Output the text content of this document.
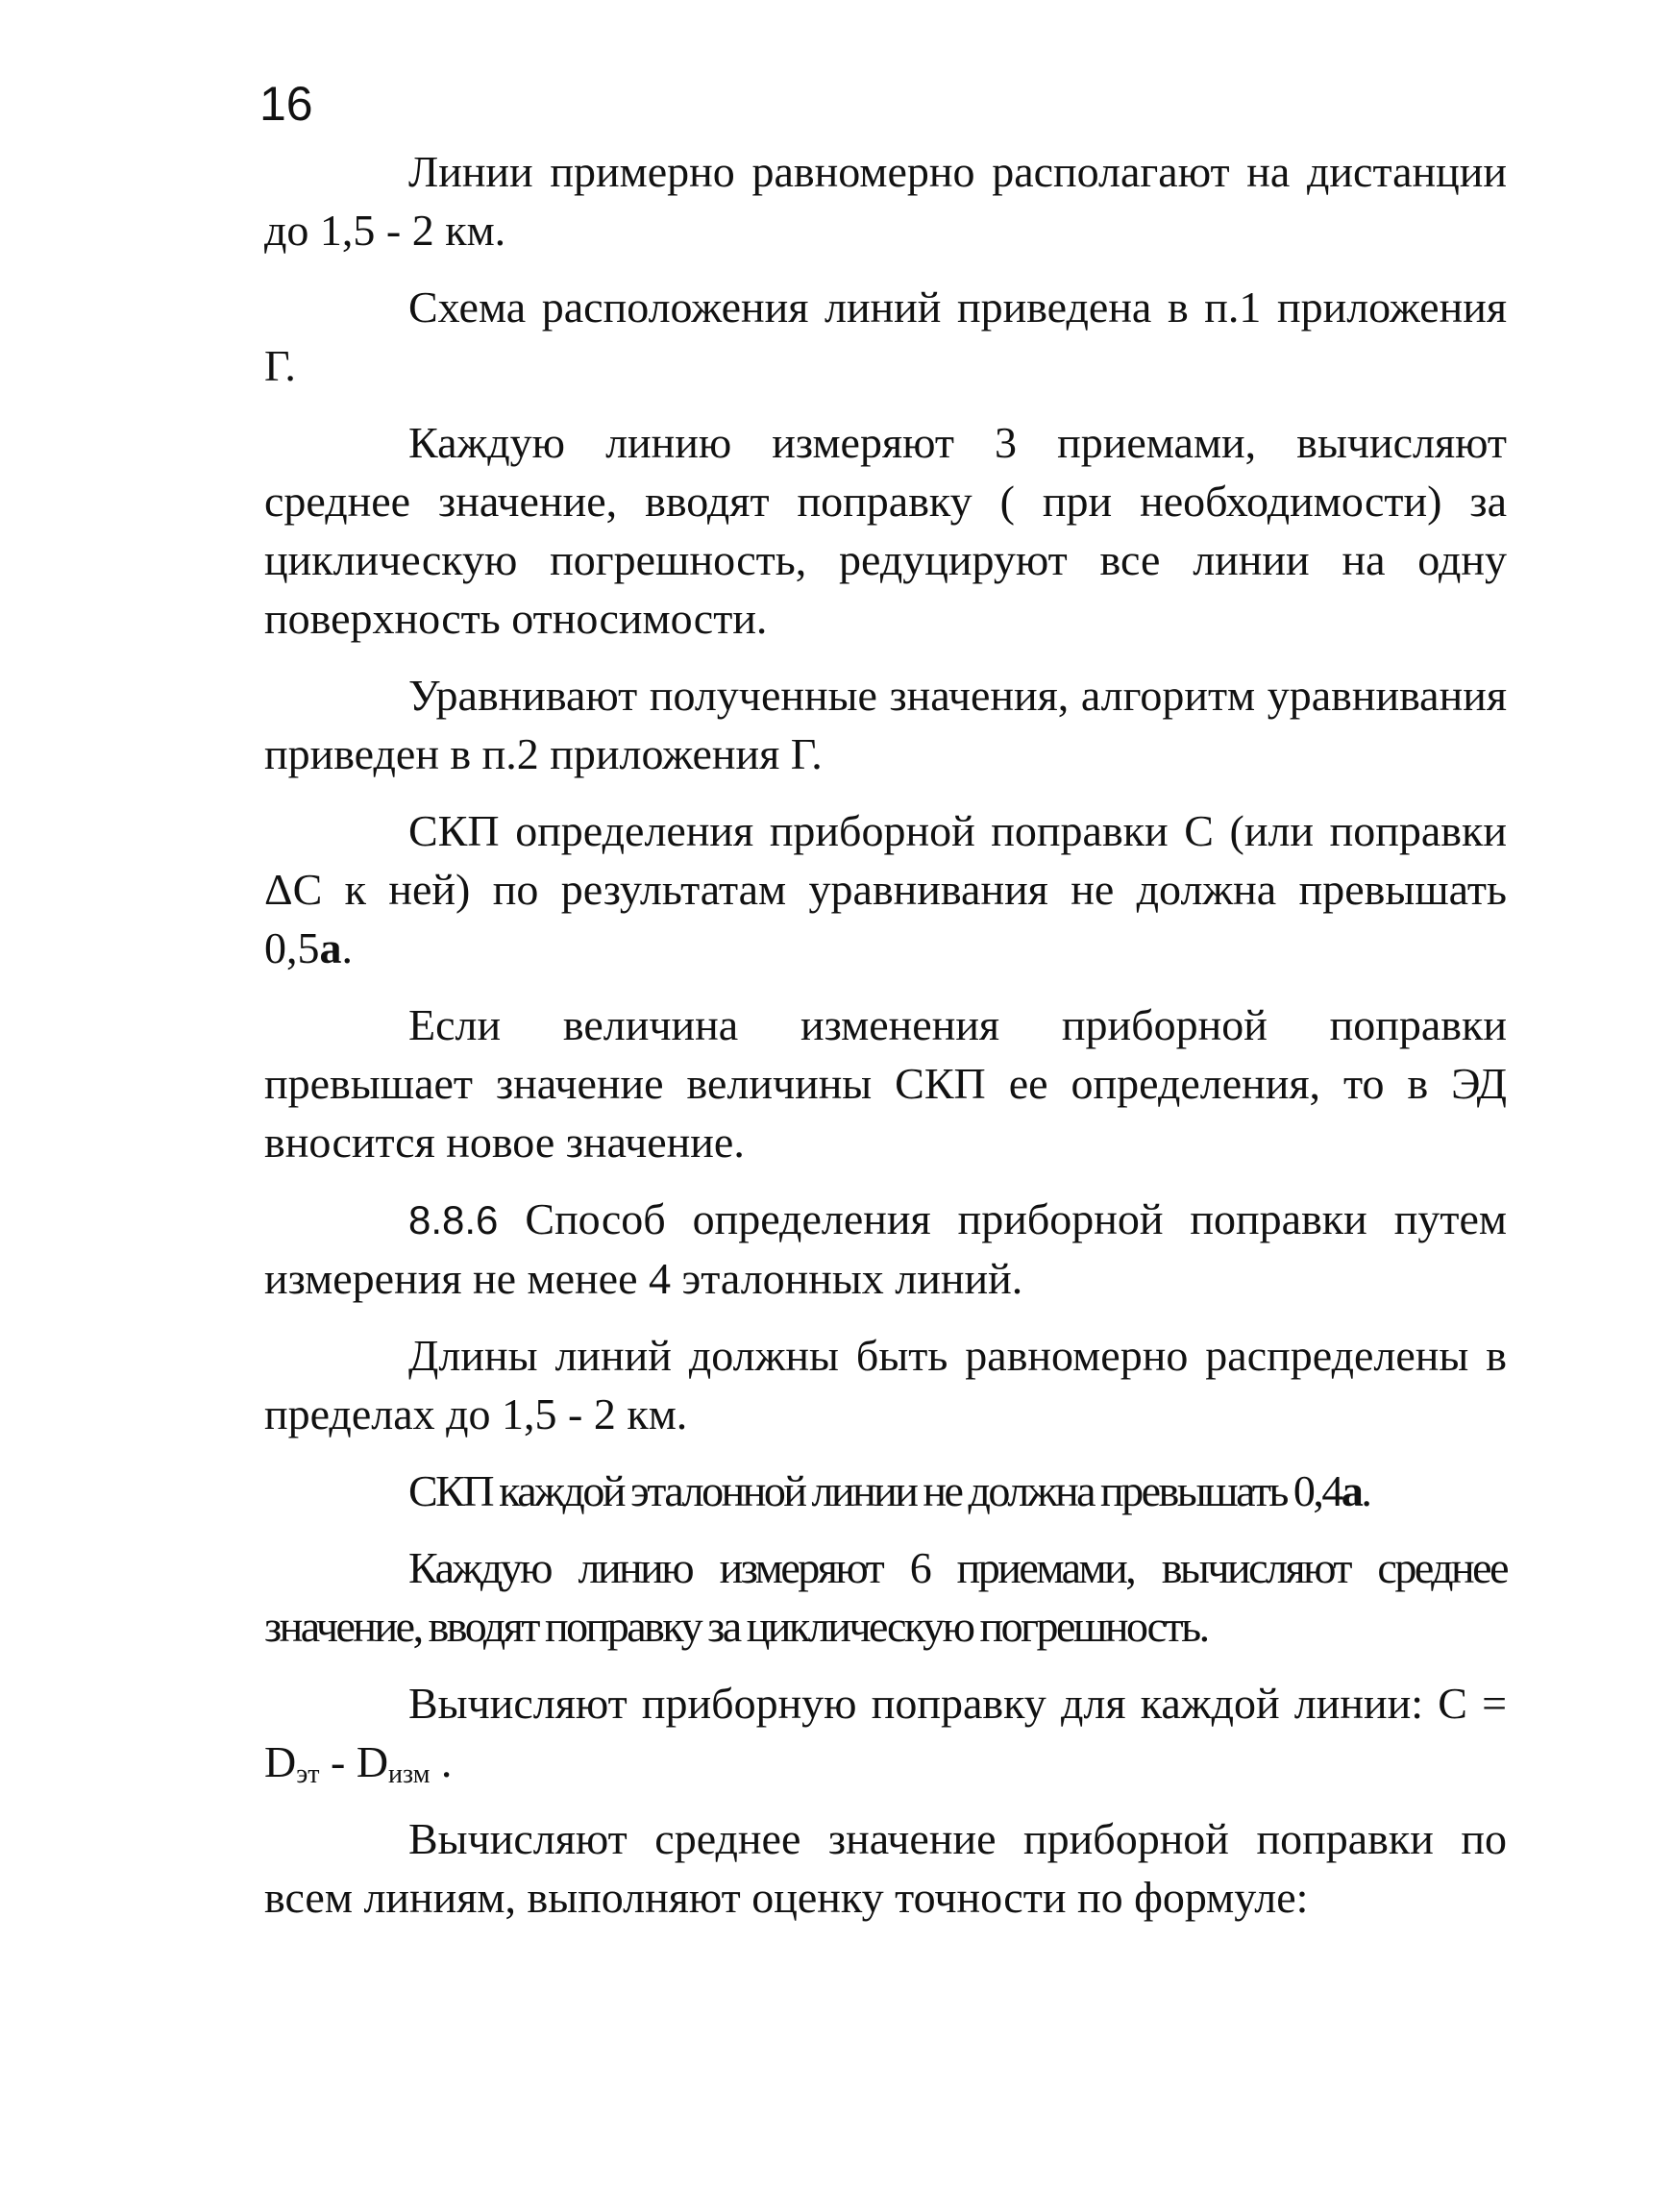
16

Линии примерно равномерно располагают на дистанции до 1,5 - 2 км.

Схема расположения линий приведена в п.1 приложения Г.

Каждую линию измеряют 3 приемами, вычисляют среднее значение, вводят поправку ( при необходимости) за циклическую погрешность, редуцируют все линии на одну поверхность относимости.

Уравнивают полученные значения, алгоритм уравнивания приведен в п.2 приложения Г.

СКП определения приборной поправки С (или поправки ΔС к ней) по результатам уравнивания не должна превышать 0,5а.

Если величина изменения приборной поправки превышает значение величины СКП ее определения, то в ЭД вносится новое значение.

8.8.6 Способ определения приборной поправки путем измерения не менее 4 эталонных линий.

Длины линий должны быть равномерно распределены в пределах до 1,5 - 2 км.

СКП каждой эталонной линии не должна превышать 0,4а.

Каждую линию измеряют 6 приемами, вычисляют среднее значение, вводят поправку за циклическую погрешность.

Вычисляют приборную поправку для каждой линии: $С = D_{эт} - D_{изм}$ .

Вычисляют среднее значение приборной поправки по всем линиям, выполняют оценку точности по формуле:
